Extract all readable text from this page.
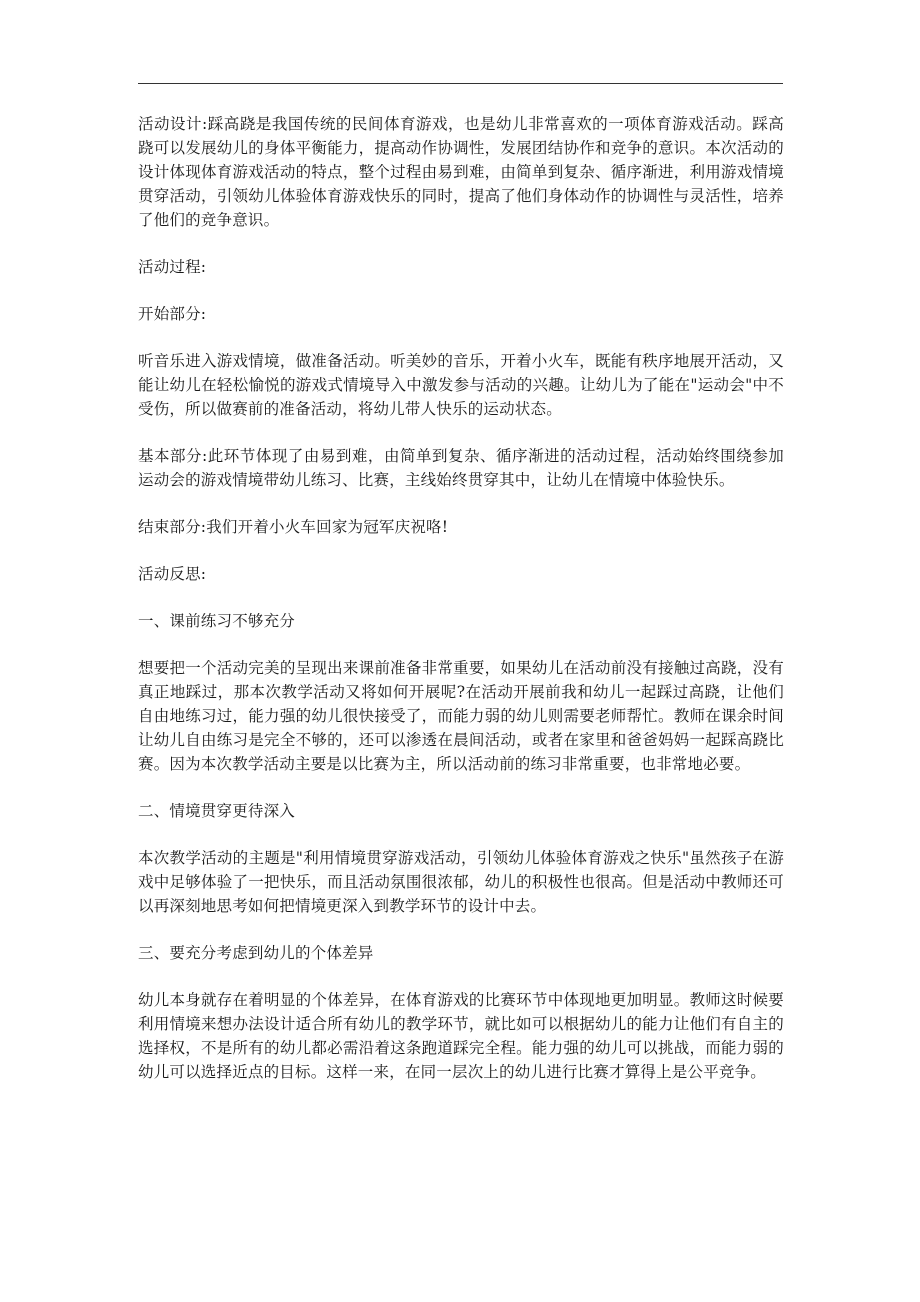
活动设计:踩高跷是我国传统的民间体育游戏，也是幼儿非常喜欢的一项体育游戏活动。踩高跷可以发展幼儿的身体平衡能力，提高动作协调性，发展团结协作和竞争的意识。本次活动的设计体现体育游戏活动的特点，整个过程由易到难，由简单到复杂、循序渐进，利用游戏情境贯穿活动，引领幼儿体验体育游戏快乐的同时，提高了他们身体动作的协调性与灵活性，培养了他们的竞争意识。

活动过程:

开始部分:

听音乐进入游戏情境，做准备活动。听美妙的音乐，开着小火车，既能有秩序地展开活动，又能让幼儿在轻松愉悦的游戏式情境导入中激发参与活动的兴趣。让幼儿为了能在"运动会"中不受伤，所以做赛前的准备活动，将幼儿带人快乐的运动状态。

基本部分:此环节体现了由易到难，由简单到复杂、循序渐进的活动过程，活动始终围绕参加运动会的游戏情境带幼儿练习、比赛，主线始终贯穿其中，让幼儿在情境中体验快乐。

结束部分:我们开着小火车回家为冠军庆祝咯!

活动反思:

一、课前练习不够充分

想要把一个活动完美的呈现出来课前准备非常重要，如果幼儿在活动前没有接触过高跷，没有真正地踩过，那本次教学活动又将如何开展呢?在活动开展前我和幼儿一起踩过高跷，让他们自由地练习过，能力强的幼儿很快接受了，而能力弱的幼儿则需要老师帮忙。教师在课余时间让幼儿自由练习是完全不够的，还可以渗透在晨间活动，或者在家里和爸爸妈妈一起踩高跷比赛。因为本次教学活动主要是以比赛为主，所以活动前的练习非常重要，也非常地必要。

二、情境贯穿更待深入

本次教学活动的主题是"利用情境贯穿游戏活动，引领幼儿体验体育游戏之快乐"虽然孩子在游戏中足够体验了一把快乐，而且活动氛围很浓郁，幼儿的积极性也很高。但是活动中教师还可以再深刻地思考如何把情境更深入到教学环节的设计中去。

三、要充分考虑到幼儿的个体差异

幼儿本身就存在着明显的个体差异，在体育游戏的比赛环节中体现地更加明显。教师这时候要利用情境来想办法设计适合所有幼儿的教学环节，就比如可以根据幼儿的能力让他们有自主的选择权，不是所有的幼儿都必需沿着这条跑道踩完全程。能力强的幼儿可以挑战，而能力弱的幼儿可以选择近点的目标。这样一来，在同一层次上的幼儿进行比赛才算得上是公平竞争。
